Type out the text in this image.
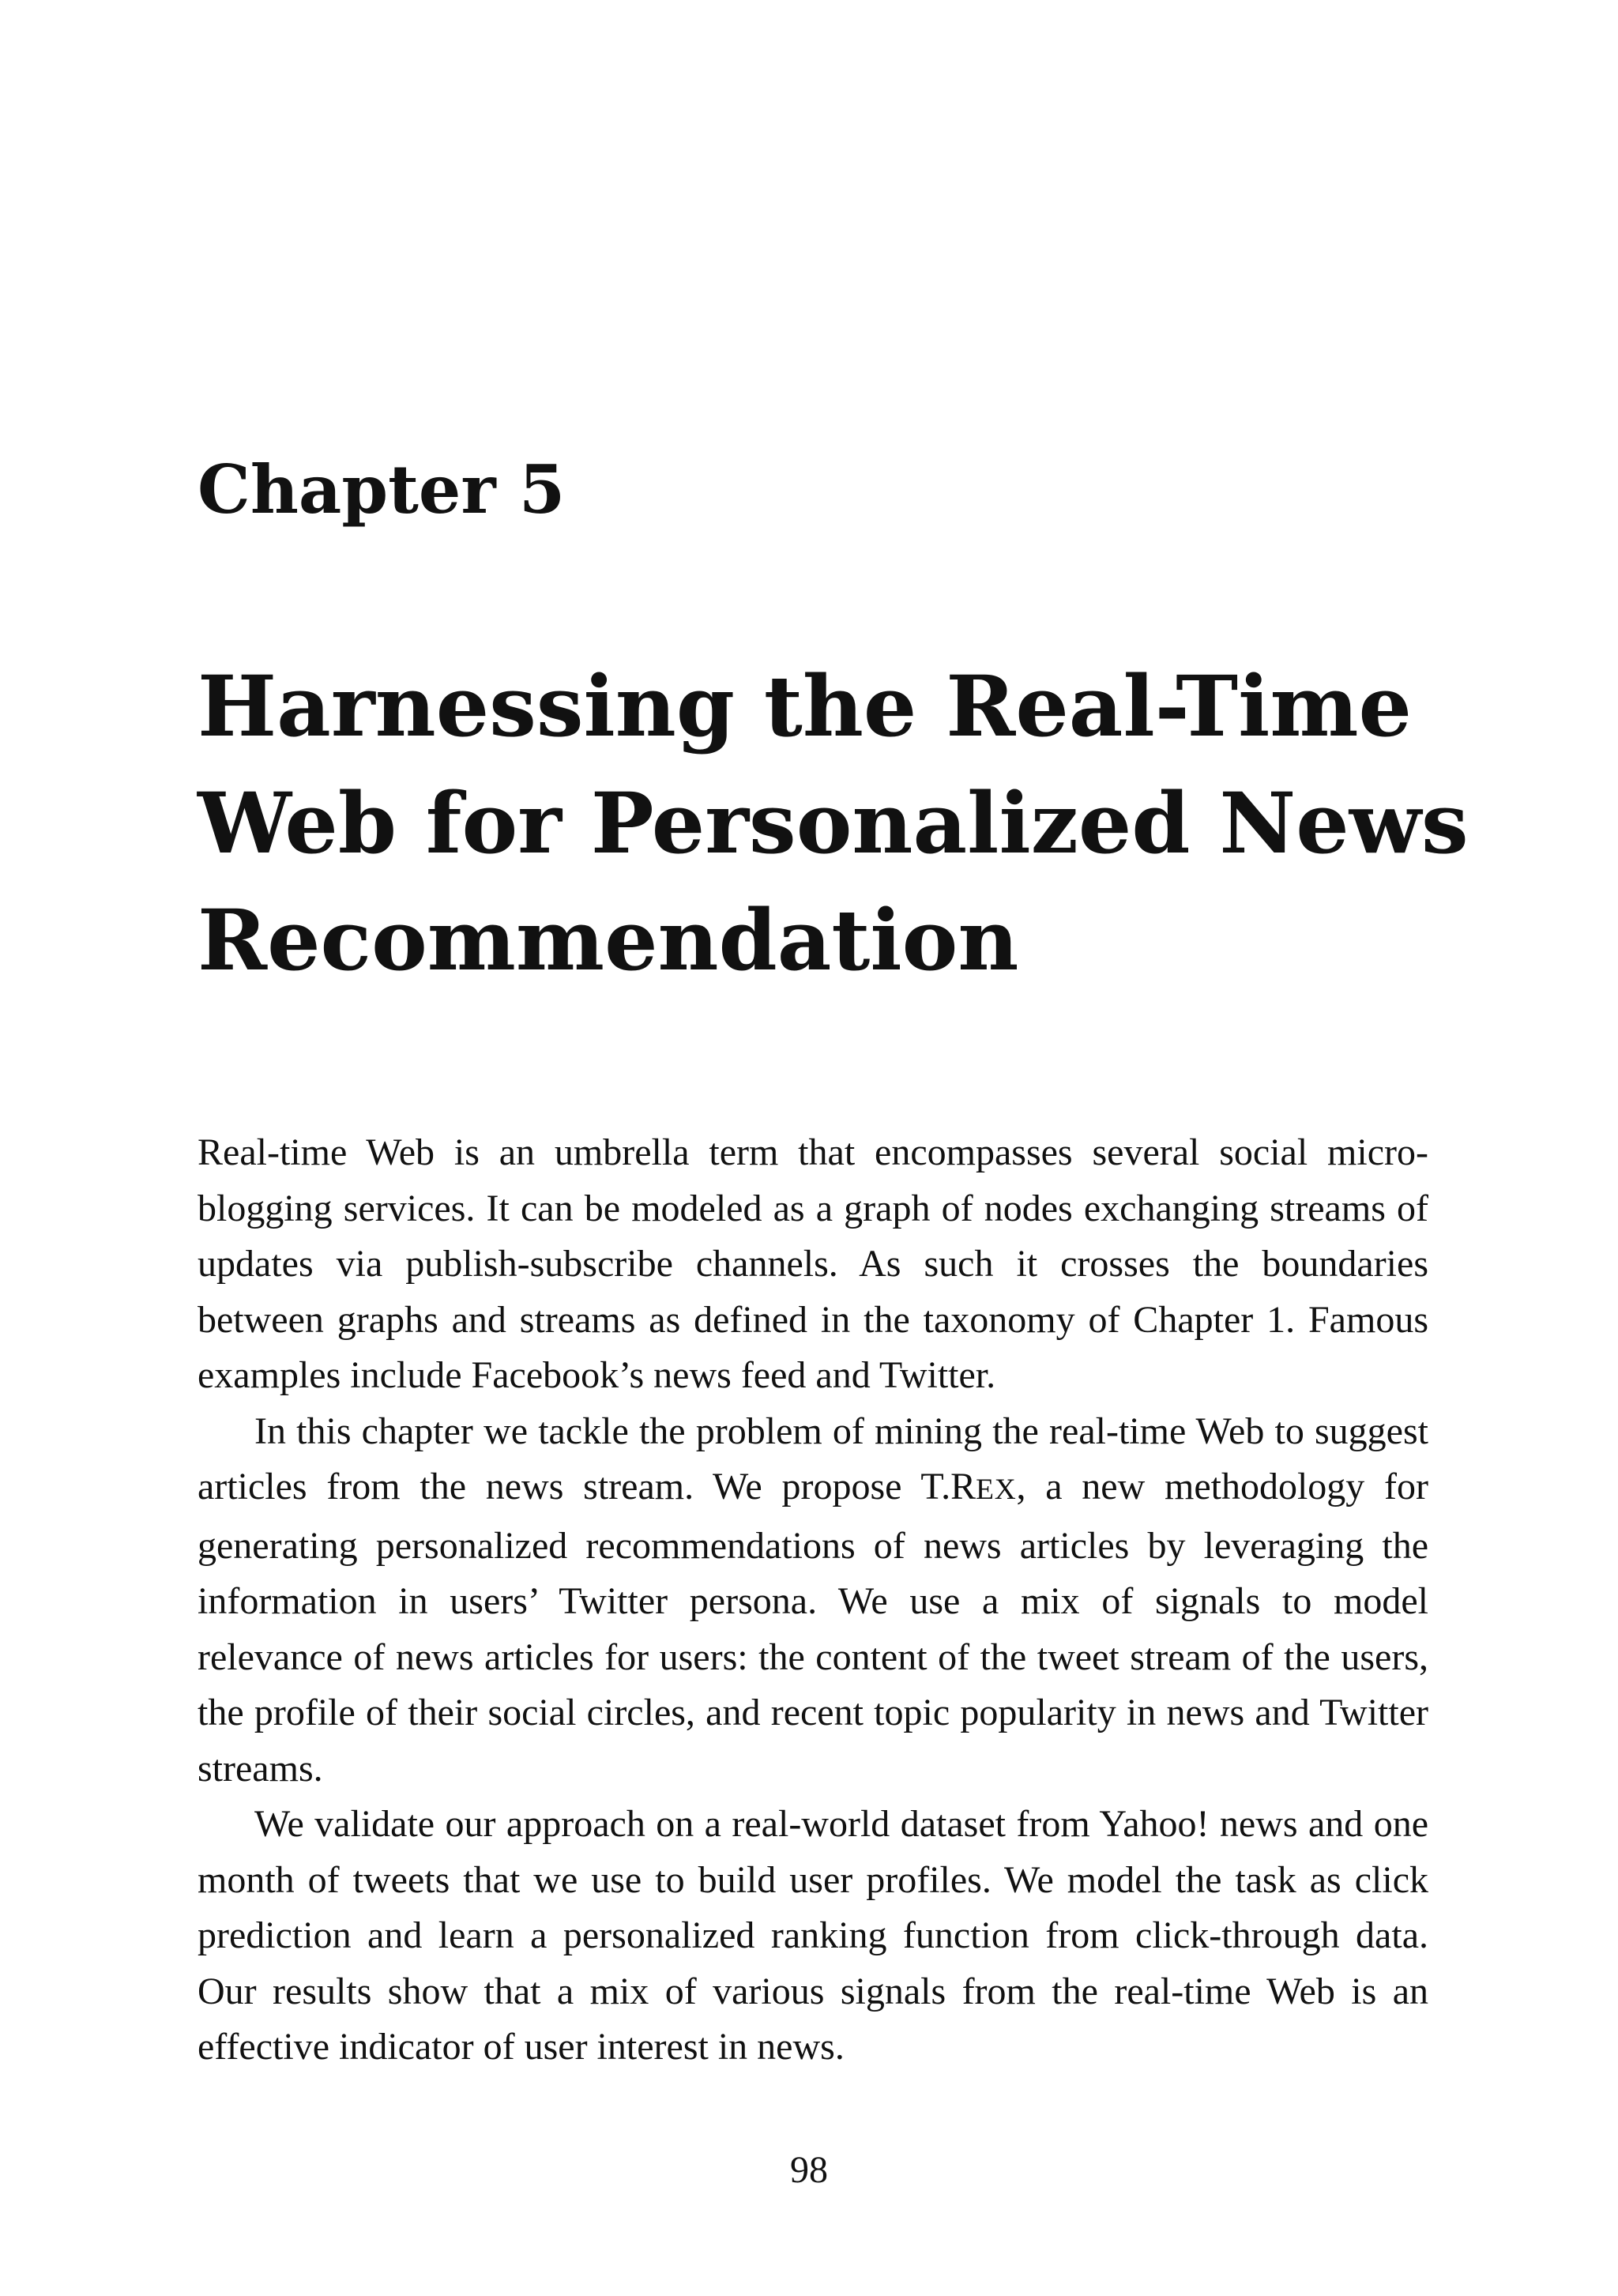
Chapter 5
Harnessing the Real-Time
Web for Personalized News
Recommendation

Real-time Web is an umbrella term that encompasses several social microblogging services. It can be modeled as a graph of nodes exchanging streams of updates via publish-subscribe channels. As such it crosses the boundaries between graphs and streams as defined in the taxonomy of Chapter 1. Famous examples include Facebook’s news feed and Twitter.

In this chapter we tackle the problem of mining the real-time Web to suggest articles from the news stream. We propose T.REX, a new methodology for generating personalized recommendations of news articles by leveraging the information in users’ Twitter persona. We use a mix of signals to model relevance of news articles for users: the content of the tweet stream of the users, the profile of their social circles, and recent topic popularity in news and Twitter streams.

We validate our approach on a real-world dataset from Yahoo! news and one month of tweets that we use to build user profiles. We model the task as click prediction and learn a personalized ranking function from click-through data. Our results show that a mix of various signals from the real-time Web is an effective indicator of user interest in news.

98
